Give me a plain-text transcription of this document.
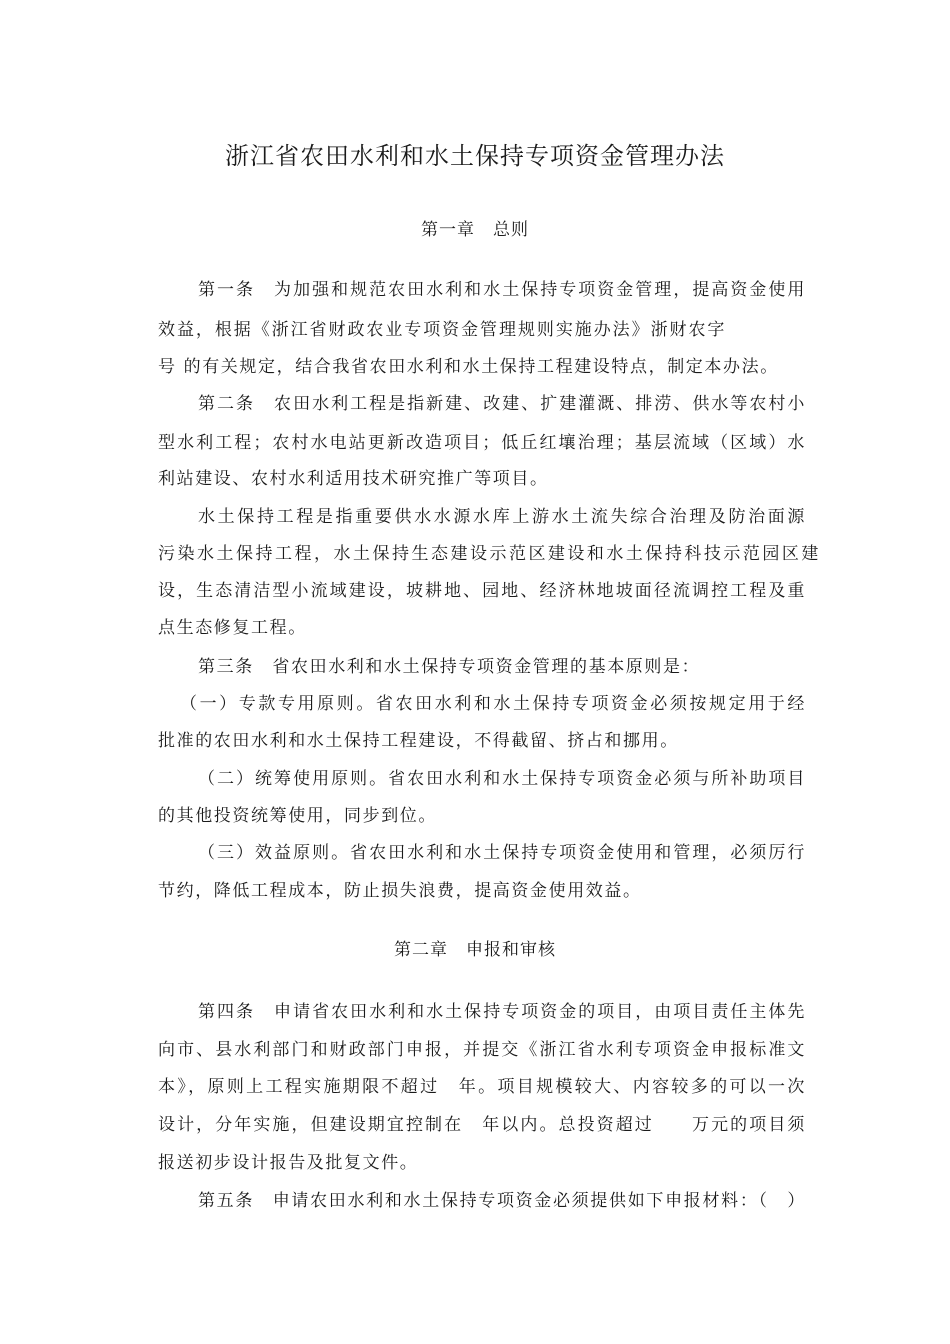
浙江省农田水利和水土保持专项资金管理办法
第一章　总则

第一条　为加强和规范农田水利和水土保持专项资金管理，提高资金使用

效益，根据《浙江省财政农业专项资金管理规则实施办法》浙财农字

号 的有关规定，结合我省农田水利和水土保持工程建设特点，制定本办法。

第二条　农田水利工程是指新建、改建、扩建灌溉、排涝、供水等农村小

型水利工程；农村水电站更新改造项目；低丘红壤治理；基层流域（区域）水

利站建设、农村水利适用技术研究推广等项目。

水土保持工程是指重要供水水源水库上游水土流失综合治理及防治面源

污染水土保持工程，水土保持生态建设示范区建设和水土保持科技示范园区建

设，生态清洁型小流域建设，坡耕地、园地、经济林地坡面径流调控工程及重

点生态修复工程。

第三条　省农田水利和水土保持专项资金管理的基本原则是：

（一）专款专用原则。省农田水利和水土保持专项资金必须按规定用于经

批准的农田水利和水土保持工程建设，不得截留、挤占和挪用。

（二）统筹使用原则。省农田水利和水土保持专项资金必须与所补助项目

的其他投资统筹使用，同步到位。

（三）效益原则。省农田水利和水土保持专项资金使用和管理，必须厉行

节约，降低工程成本，防止损失浪费，提高资金使用效益。

第二章　申报和审核

第四条　申请省农田水利和水土保持专项资金的项目，由项目责任主体先

向市、县水利部门和财政部门申报，并提交《浙江省水利专项资金申报标准文

本》，原则上工程实施期限不超过　年。项目规模较大、内容较多的可以一次

设计，分年实施，但建设期宜控制在　年以内。总投资超过　　万元的项目须

报送初步设计报告及批复文件。

第五条　申请农田水利和水土保持专项资金必须提供如下申报材料：（　）
